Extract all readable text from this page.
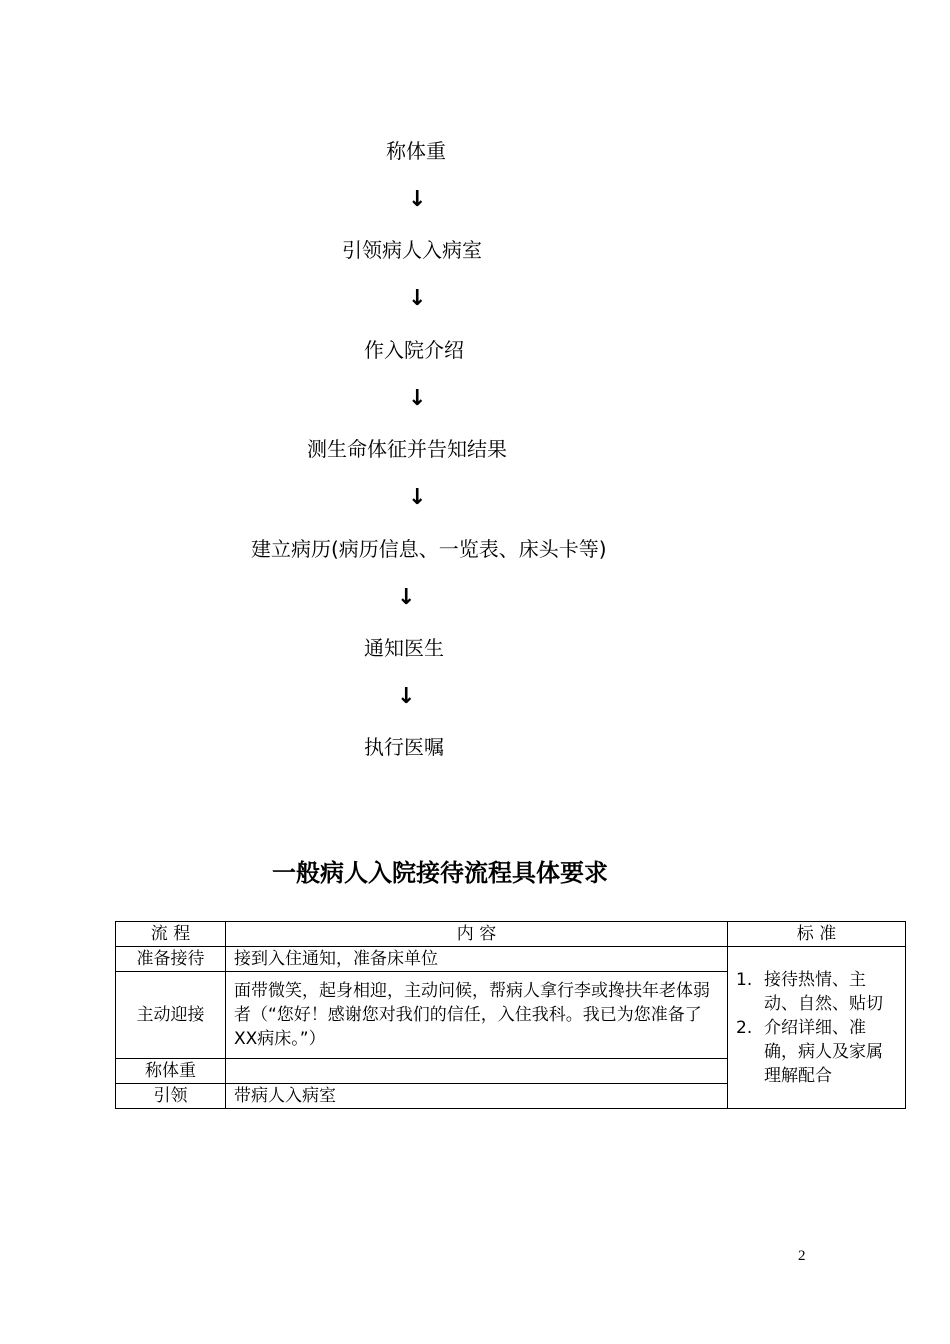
称体重
↓
引领病人入病室
↓
作入院介绍
↓
测生命体征并告知结果
↓
建立病历(病历信息、一览表、床头卡等)
↓
通知医生
↓
执行医嘱
一般病人入院接待流程具体要求
流 程	内 容	标 准
准备接待	接到入住通知，准备床单位	1. 接待热情、主动、自然、贴切
2. 介绍详细、准确，病人及家属理解配合

主动迎接	面带微笑，起身相迎，主动问候，帮病人拿行李或搀扶年老体弱者（“您好！感谢您对我们的信任，入住我科。我已为您准备了XX病床。”）	
称体重		
引领	带病人入病室	
2
